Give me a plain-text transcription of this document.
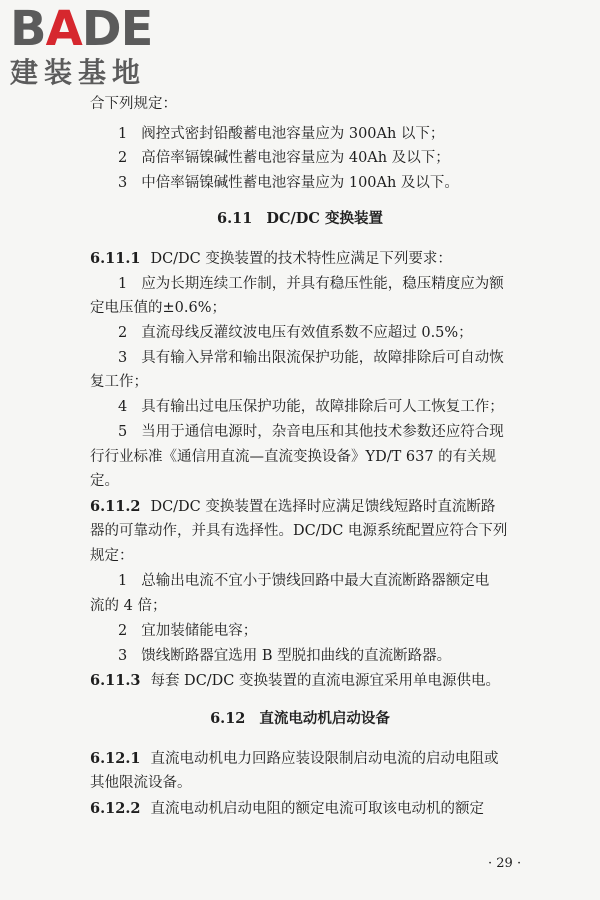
BADE
建装基地
合下列规定：
1 阀控式密封铅酸蓄电池容量应为 300Ah 以下；
2 高倍率镉镍碱性蓄电池容量应为 40Ah 及以下；
3 中倍率镉镍碱性蓄电池容量应为 100Ah 及以下。
6.11 DC/DC 变换装置
6.11.1 DC/DC 变换装置的技术特性应满足下列要求：
1 应为长期连续工作制，并具有稳压性能，稳压精度应为额
定电压值的±0.6%；
2 直流母线反灌纹波电压有效值系数不应超过 0.5%；
3 具有输入异常和输出限流保护功能，故障排除后可自动恢
复工作；
4 具有输出过电压保护功能，故障排除后可人工恢复工作；
5 当用于通信电源时，杂音电压和其他技术参数还应符合现
行行业标准《通信用直流—直流变换设备》YD/T 637 的有关规
定。
6.11.2 DC/DC 变换装置在选择时应满足馈线短路时直流断路
器的可靠动作，并具有选择性。DC/DC 电源系统配置应符合下列
规定：
1 总输出电流不宜小于馈线回路中最大直流断路器额定电
流的 4 倍；
2 宜加装储能电容；
3 馈线断路器宜选用 B 型脱扣曲线的直流断路器。
6.11.3 每套 DC/DC 变换装置的直流电源宜采用单电源供电。
6.12 直流电动机启动设备
6.12.1 直流电动机电力回路应装设限制启动电流的启动电阻或
其他限流设备。
6.12.2 直流电动机启动电阻的额定电流可取该电动机的额定
· 29 ·
